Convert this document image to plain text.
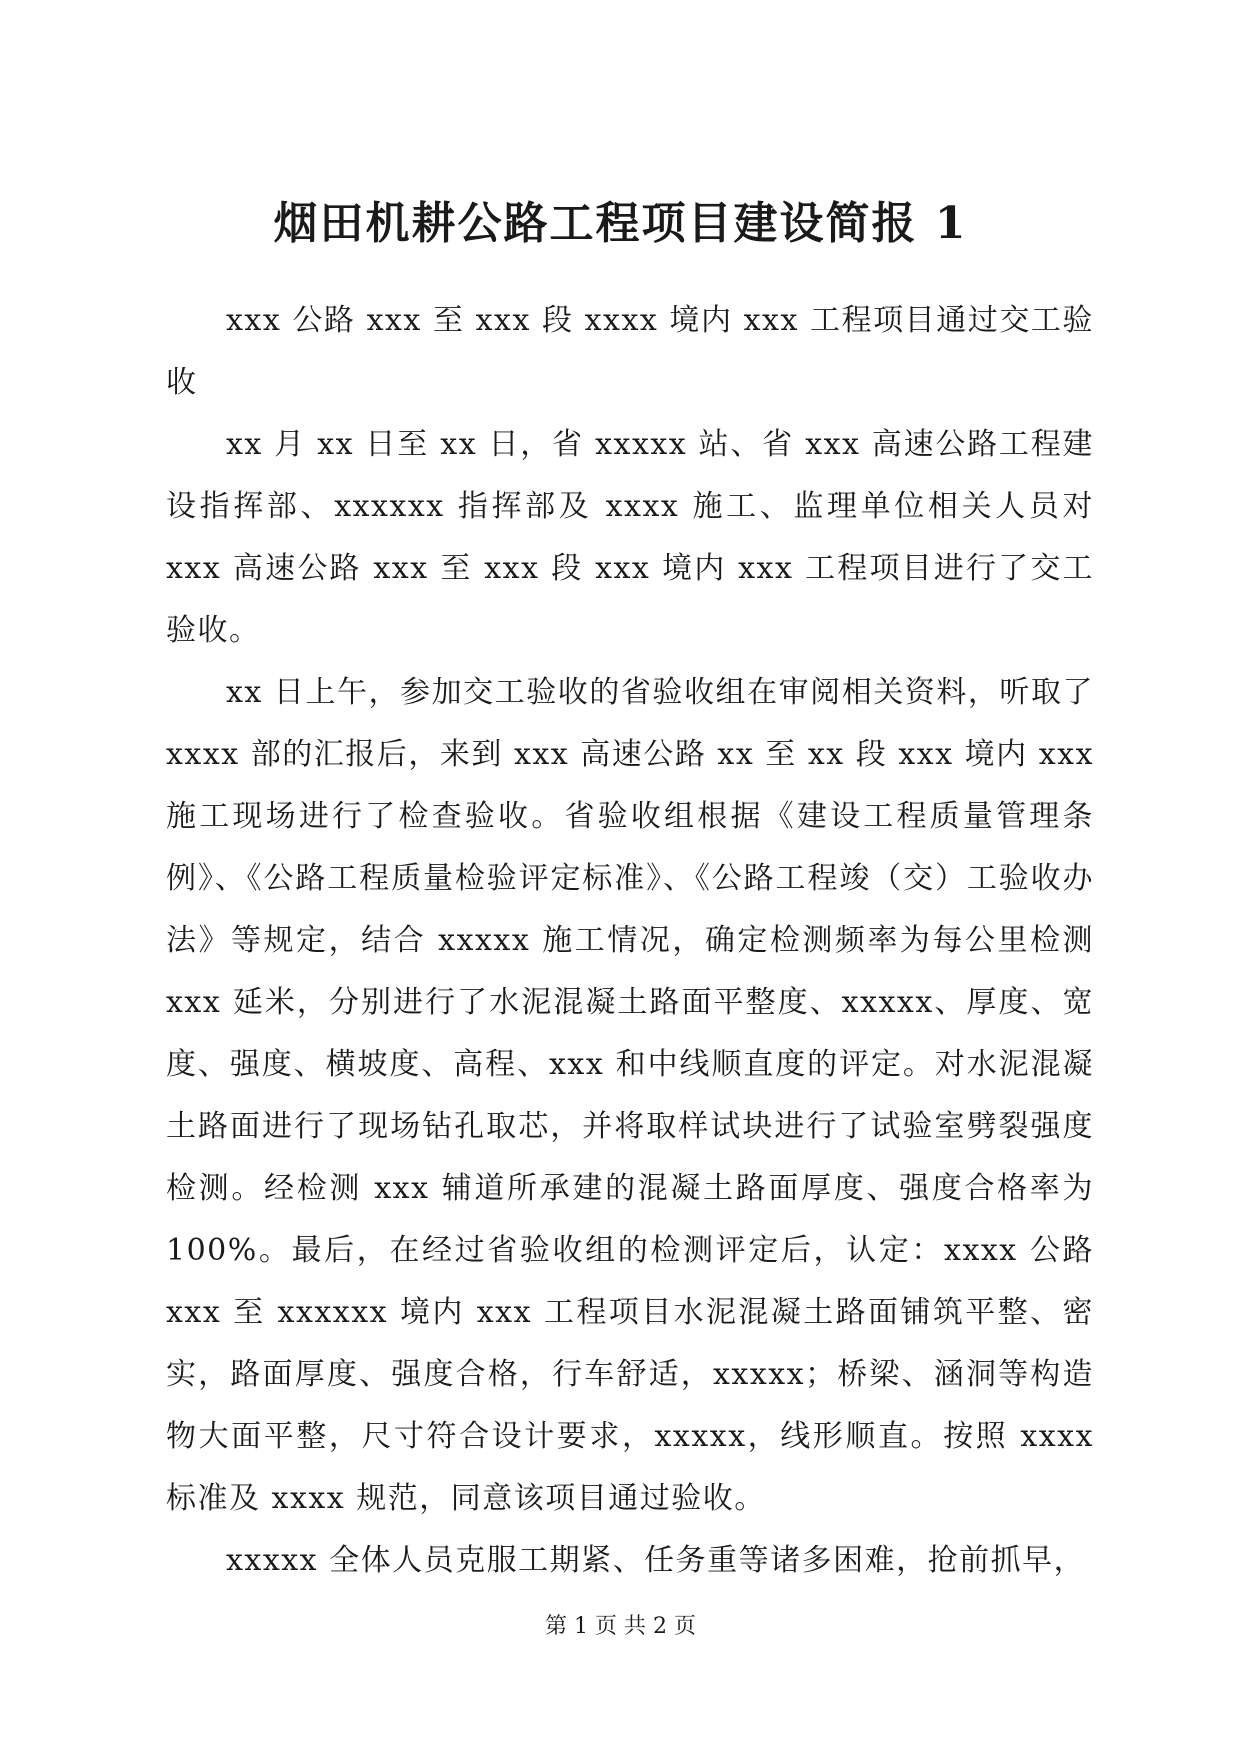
烟田机耕公路工程项目建设简报 1

xxx 公路 xxx 至 xxx 段 xxxx 境内 xxx 工程项目通过交工验收

xx 月 xx 日至 xx 日，省 xxxxx 站、省 xxx 高速公路工程建设指挥部、xxxxxx 指挥部及 xxxx 施工、监理单位相关人员对 xxx 高速公路 xxx 至 xxx 段 xxx 境内 xxx 工程项目进行了交工验收。

xx 日上午，参加交工验收的省验收组在审阅相关资料，听取了 xxxx 部的汇报后，来到 xxx 高速公路 xx 至 xx 段 xxx 境内 xxx 施工现场进行了检查验收。省验收组根据《建设工程质量管理条例》、《公路工程质量检验评定标准》、《公路工程竣（交）工验收办法》等规定，结合 xxxxx 施工情况，确定检测频率为每公里检测 xxx 延米，分别进行了水泥混凝土路面平整度、xxxxx、厚度、宽度、强度、横坡度、高程、xxx 和中线顺直度的评定。对水泥混凝土路面进行了现场钻孔取芯，并将取样试块进行了试验室劈裂强度检测。经检测 xxx 辅道所承建的混凝土路面厚度、强度合格率为 100%。最后，在经过省验收组的检测评定后，认定：xxxx 公路 xxx 至 xxxxxx 境内 xxx 工程项目水泥混凝土路面铺筑平整、密实，路面厚度、强度合格，行车舒适，xxxxx；桥梁、涵洞等构造物大面平整，尺寸符合设计要求，xxxxx，线形顺直。按照 xxxx 标准及 xxxx 规范，同意该项目通过验收。

xxxxx 全体人员克服工期紧、任务重等诸多困难，抢前抓早，

第 1 页 共 2 页
